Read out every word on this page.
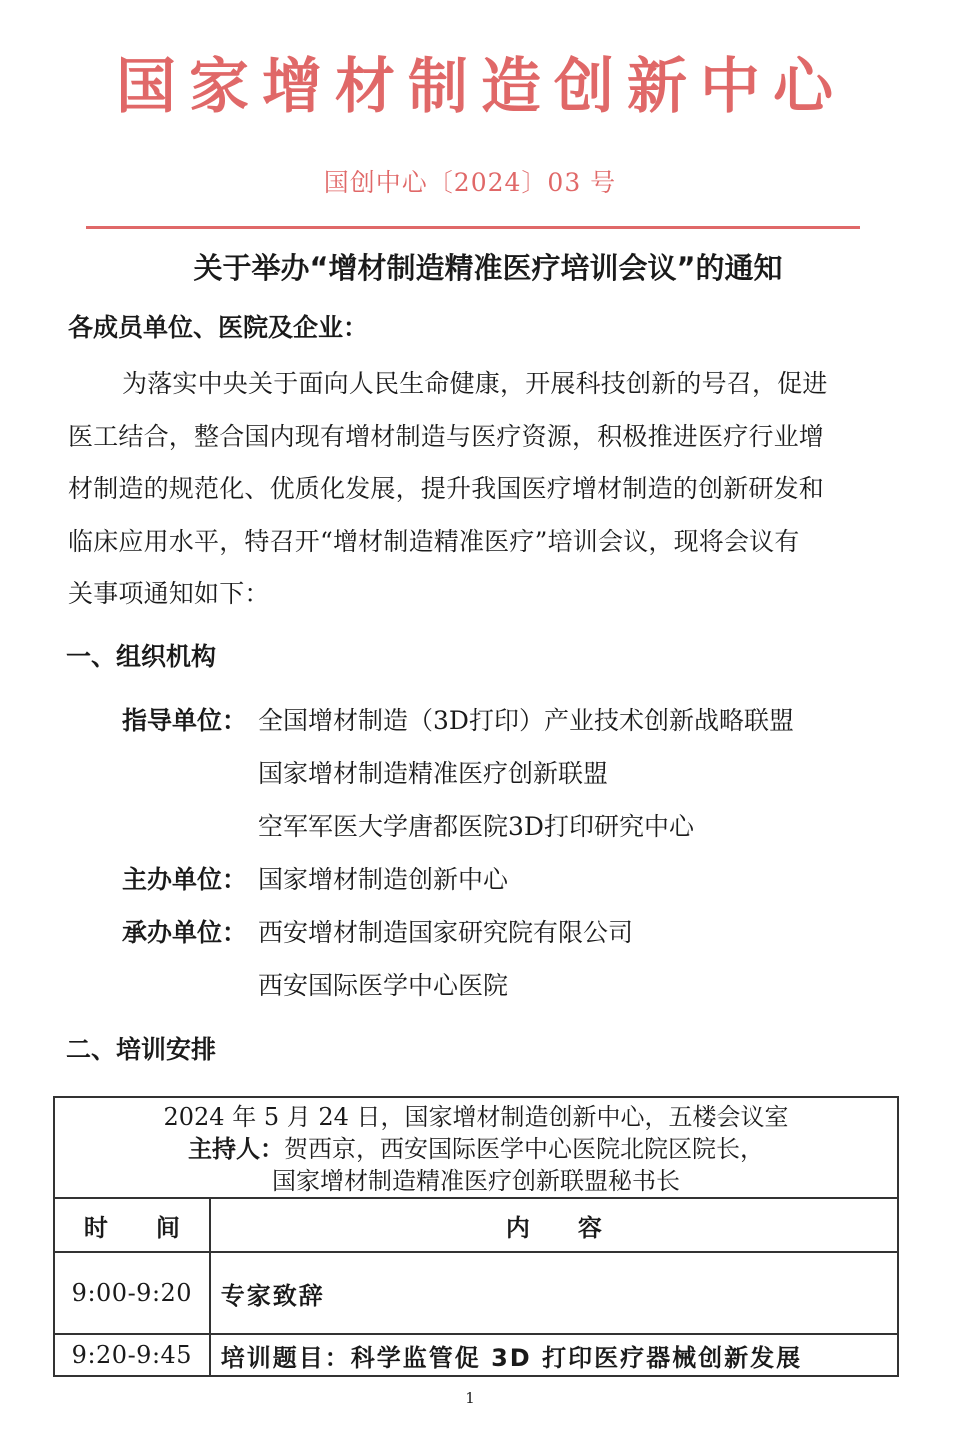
国家增材制造创新中心
国创中心〔2024〕03 号
关于举办“增材制造精准医疗培训会议”的通知
各成员单位、医院及企业：

为落实中央关于面向人民生命健康，开展科技创新的号召，促进

医工结合，整合国内现有增材制造与医疗资源，积极推进医疗行业增

材制造的规范化、优质化发展，提升我国医疗增材制造的创新研发和

临床应用水平，特召开“增材制造精准医疗”培训会议，现将会议有

关事项通知如下：

一、组织机构
指导单位： 全国增材制造（3D打印）产业技术创新战略联盟
国家增材制造精准医疗创新联盟
空军军医大学唐都医院3D打印研究中心
主办单位： 国家增材制造创新中心
承办单位： 西安增材制造国家研究院有限公司
西安国际医学中心医院
二、培训安排
2024 年 5 月 24 日，国家增材制造创新中心，五楼会议室
主持人：贺西京，西安国际医学中心医院北院区院长，
国家增材制造精准医疗创新联盟秘书长	

时　　间	内　　容
9:00-9:20	专家致辞
9:20-9:45	培训题目：科学监管促 3D 打印医疗器械创新发展
1
